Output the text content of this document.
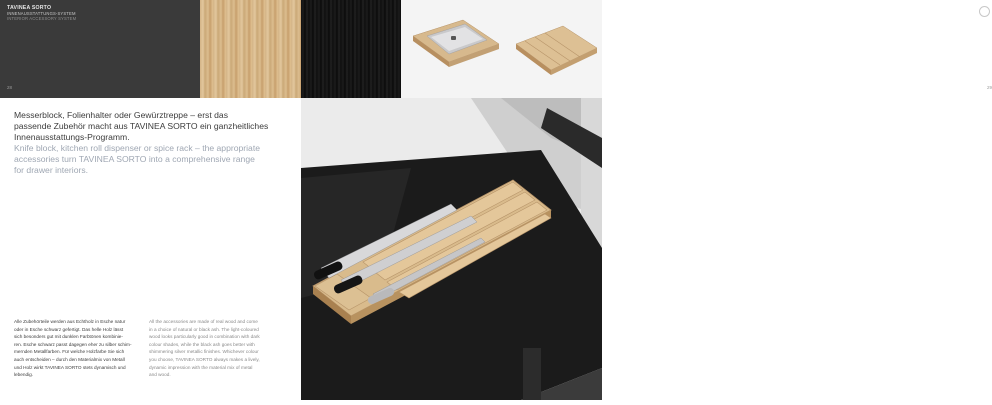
TAVINEA SORTO
INNENAUSSTATTUNGS-SYSTEM
INTERIOR ACCESSORY SYSTEM
28	29
Messerblock, Folienhalter oder Gewürztreppe – erst das
passende Zubehör macht aus TAVINEA SORTO ein ganzheitliches
Innenausstattungs-Programm.
Knife block, kitchen roll dispenser or spice rack – the appropriate
accessories turn TAVINEA SORTO into a comprehensive range
for drawer interiors.
Alle Zubehörteile werden aus Echtholz in Esche natur
oder in Esche schwarz gefertigt. Das helle Holz lässt
sich besonders gut mit dunklen Farbtönen kombinie-
ren. Esche schwarz passt dagegen eher zu silber schim-
mernden Metallfarben. Für welche Holzfarbe Sie sich
auch entscheiden – durch den Materialmix von Metall
und Holz wirkt TAVINEA SORTO stets dynamisch und
lebendig.
All the accessories are made of real wood and come
in a choice of natural or black ash. The light-coloured
wood looks particularly good in combination with dark
colour shades, while the black ash goes better with
shimmering silver metallic finishes. Whichever colour
you choose, TAVINEA SORTO always makes a lively,
dynamic impression with the material mix of metal
and wood.
